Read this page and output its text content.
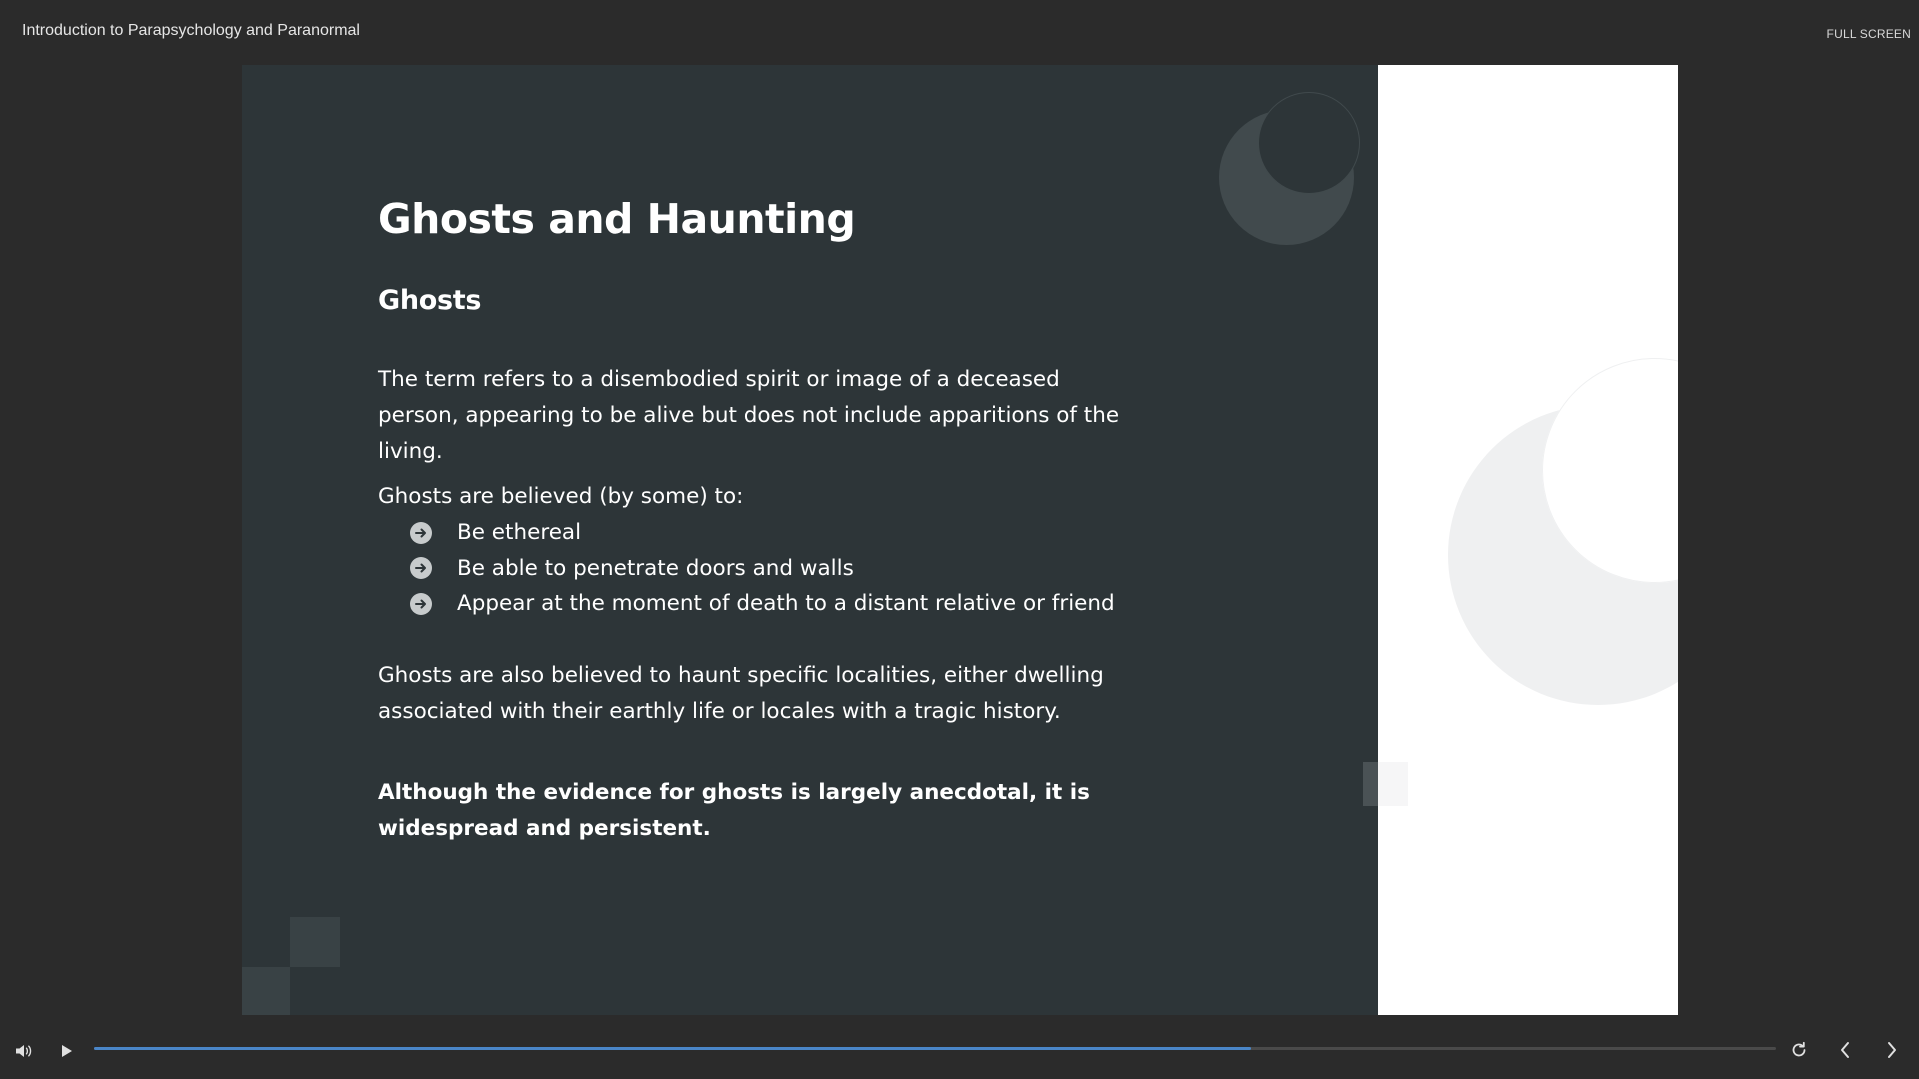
Introduction to Parapsychology and Paranormal	FULL SCREEN
Ghosts and Haunting
Ghosts
The term refers to a disembodied spirit or image of a deceased person, appearing to be alive but does not include apparitions of the living.
Ghosts are believed (by some) to:
Be ethereal
Be able to penetrate doors and walls
Appear at the moment of death to a distant relative or friend
Ghosts are also believed to haunt specific localities, either dwelling associated with their earthly life or locales with a tragic history.
Although the evidence for ghosts is largely anecdotal, it is widespread and persistent.
